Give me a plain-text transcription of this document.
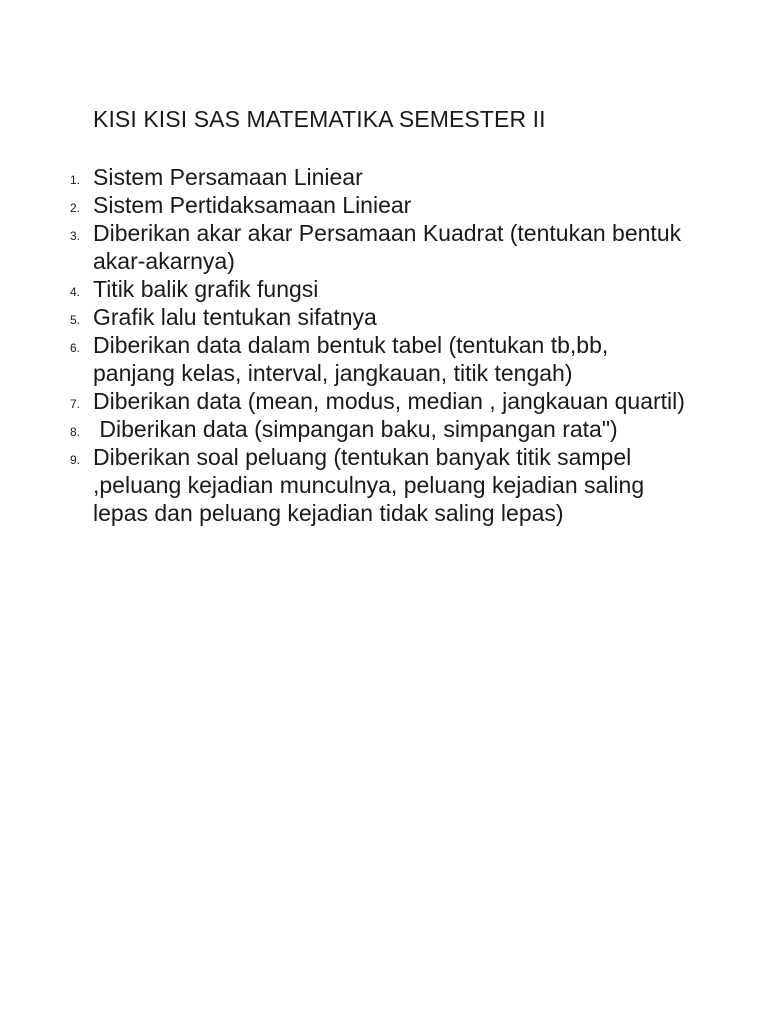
KISI KISI SAS MATEMATIKA SEMESTER II
1. Sistem Persamaan Liniear
2. Sistem Pertidaksamaan Liniear
3. Diberikan akar akar Persamaan Kuadrat (tentukan bentuk akar-akarnya)
4. Titik balik grafik fungsi
5. Grafik lalu tentukan sifatnya
6. Diberikan data dalam bentuk tabel (tentukan tb,bb, panjang kelas, interval, jangkauan, titik tengah)
7. Diberikan data (mean, modus, median , jangkauan quartil)
8. Diberikan data (simpangan baku, simpangan rata")
9. Diberikan soal peluang (tentukan banyak titik sampel ,peluang kejadian munculnya, peluang kejadian saling lepas dan peluang kejadian tidak saling lepas)
